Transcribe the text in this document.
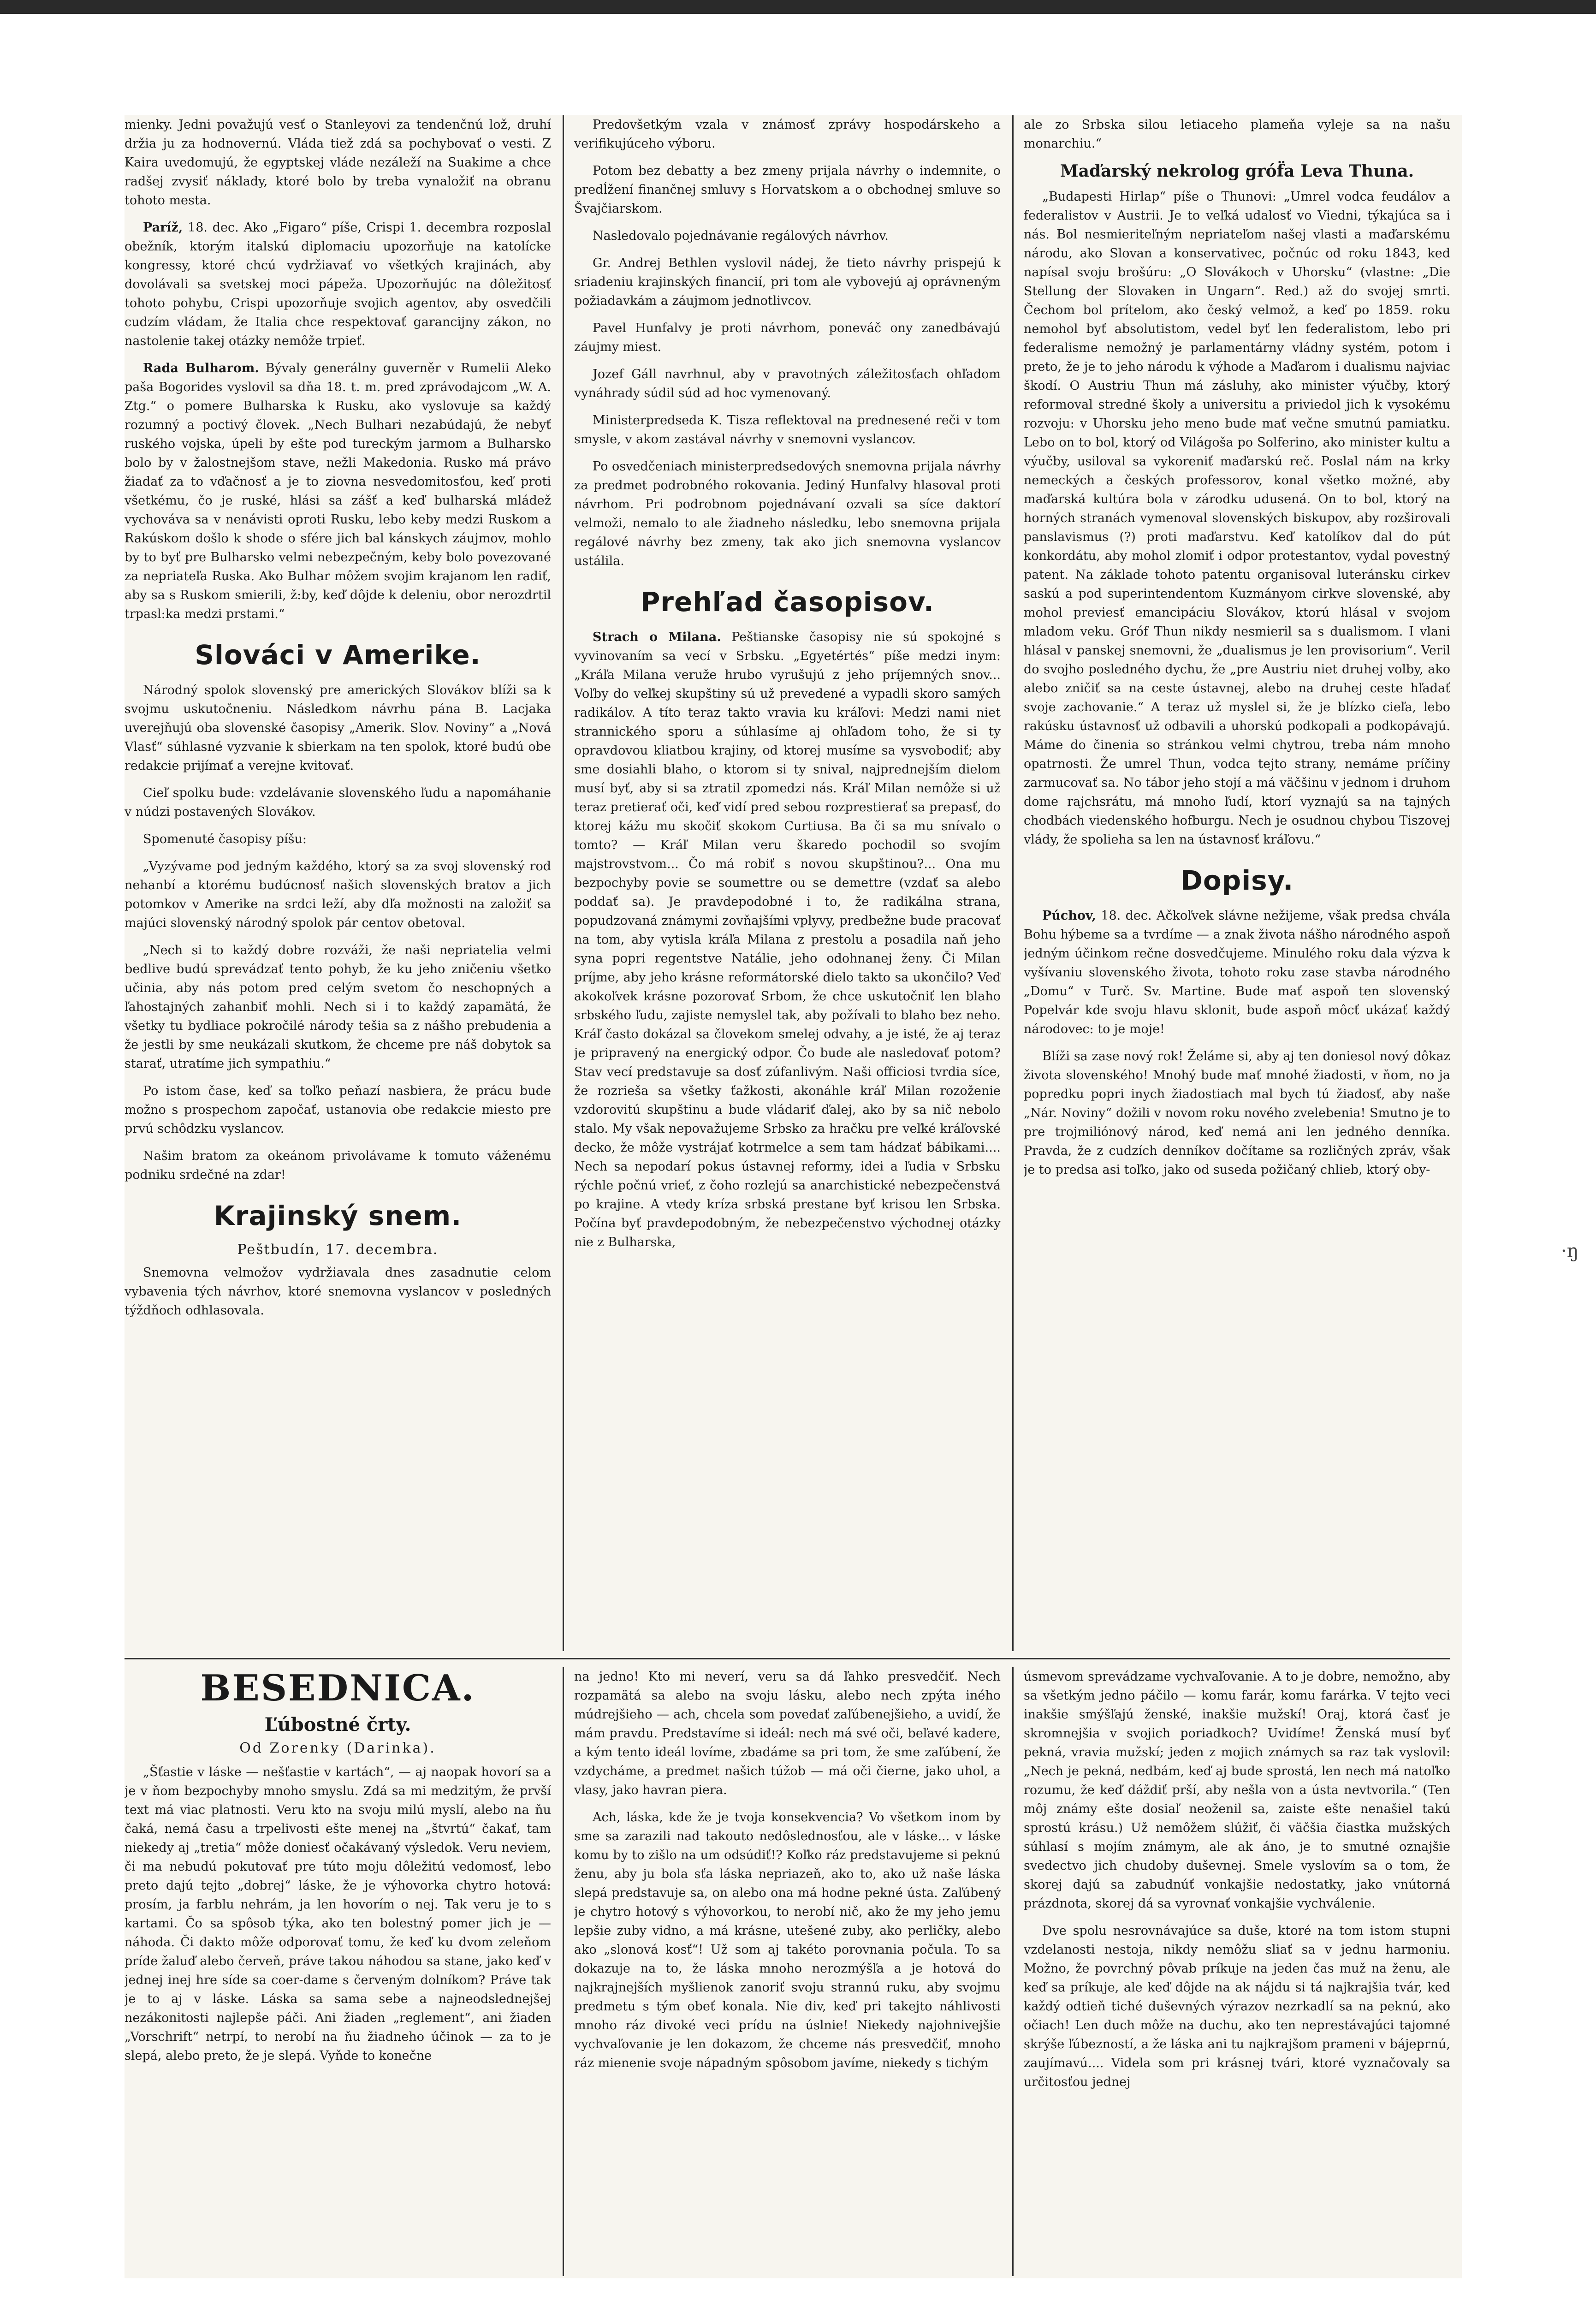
mienky. Jedni považujú vesť o Stanleyovi za tendenčnú lož, druhí držia ju za hodnovernú. Vláda tiež zdá sa pochybovať o vesti. Z Kaira uvedomujú, že egyptskej vláde nezáleží na Suakime a chce radšej zvysiť náklady, ktoré bolo by treba vynaložiť na obranu tohoto mesta.

Paríž, 18. dec. Ako „Figaro“ píše, Crispi 1. decembra rozposlal obežník, ktorým italskú diplomaciu upozorňuje na katolícke kongressy, ktoré chcú vydržiavať vo všetkých krajinách, aby dovolávali sa svetskej moci pápeža. Upozorňujúc na dôležitosť tohoto pohybu, Crispi upozorňuje svojich agentov, aby osvedčili cudzím vládam, že Italia chce respektovať garancijny zákon, no nastolenie takej otázky nemôže trpieť.

Rada Bulharom. Bývaly generálny guverněr v Rumelii Aleko paša Bogorides vyslovil sa dňa 18. t. m. pred zprávodajcom „W. A. Ztg.“ o pomere Bulharska k Rusku, ako vyslovuje sa každý rozumný a poctivý človek. „Nech Bulhari nezabúdajú, že nebyť ruského vojska, úpeli by ešte pod tureckým jarmom a Bulharsko bolo by v žalostnejšom stave, nežli Makedonia. Rusko má právo žiadať za to vďačnosť a je to ziovna nesvedomitosťou, keď proti všetkému, čo je ruské, hlási sa zášť a keď bulharská mládež vychováva sa v nenávisti oproti Rusku, lebo keby medzi Ruskom a Rakúskom došlo k shode o sfére jich bal kánskych záujmov, mohlo by to byť pre Bulharsko velmi nebezpečným, keby bolo povezované za nepriateľa Ruska. Ako Bulhar môžem svojim krajanom len radiť, aby sa s Ruskom smierili, ž:by, keď dôjde k deleniu, obor nerozdrtil trpasl:ka medzi prstami.“

Slováci v Amerike.

Národný spolok slovenský pre amerických Slovákov blíži sa k svojmu uskutočneniu. Následkom návrhu pána B. Lacjaka uverejňujú oba slovenské časopisy „Amerik. Slov. Noviny“ a „Nová Vlasť“ súhlasné vyzvanie k sbierkam na ten spolok, ktoré budú obe redakcie prijímať a verejne kvitovať.

Cieľ spolku bude: vzdelávanie slovenského ľudu a napomáhanie v núdzi postavených Slovákov.

Spomenuté časopisy píšu:

„Vyzývame pod jedným každého, ktorý sa za svoj slovenský rod nehanbí a ktorému budúcnosť našich slovenských bratov a jich potomkov v Amerike na srdci leží, aby dľa možnosti na založiť sa majúci slovenský národný spolok pár centov obetoval.

„Nech si to každý dobre rozváži, že naši nepriatelia velmi bedlive budú sprevádzať tento pohyb, že ku jeho zničeniu všetko učinia, aby nás potom pred celým svetom čo neschopných a ľahostajných zahanbiť mohli. Nech si i to každý zapamätá, že všetky tu bydliace pokročilé národy tešia sa z nášho prebudenia a že jestli by sme neukázali skutkom, že chceme pre náš dobytok sa starať, utratíme jich sympathiu.“

Po istom čase, keď sa toľko peňazí nasbiera, že prácu bude možno s prospechom započať, ustanovia obe redakcie miesto pre prvú schôdzku vyslancov.

Našim bratom za okeánom privolávame k tomuto váženému podniku srdečné na zdar!

Krajinský snem.
Peštbudín, 17. decembra.

Snemovna velmožov vydržiavala dnes zasadnutie celom vybavenia tých návrhov, ktoré snemovna vyslancov v posledných týždňoch odhlasovala.

Predovšetkým vzala v známosť zprávy hospodárskeho a verifikujúceho výboru.

Potom bez debatty a bez zmeny prijala návrhy o indemnite, o predĺžení finančnej smluvy s Horvatskom a o obchodnej smluve so Švajčiarskom.

Nasledovalo pojednávanie regálových návrhov.

Gr. Andrej Bethlen vyslovil nádej, že tieto návrhy prispejú k sriadeniu krajinských financií, pri tom ale vybovejú aj oprávneným požiadavkám a záujmom jednotlivcov.

Pavel Hunfalvy je proti návrhom, poneváč ony zanedbávajú záujmy miest.

Jozef Gáll navrhnul, aby v pravotných záležitosťach ohľadom vynáhrady súdil súd ad hoc vymenovaný.

Ministerpredseda K. Tisza reflektoval na prednesené reči v tom smysle, v akom zastával návrhy v snemovni vyslancov.

Po osvedčeniach ministerpredsedových snemovna prijala návrhy za predmet podrobného rokovania. Jediný Hunfalvy hlasoval proti návrhom. Pri podrobnom pojednávaní ozvali sa síce daktorí velmoži, nemalo to ale žiadneho následku, lebo snemovna prijala regálové návrhy bez zmeny, tak ako jich snemovna vyslancov ustálila.

Prehľad časopisov.

Strach o Milana. Peštianske časopisy nie sú spokojné s vyvinovaním sa vecí v Srbsku. „Egyetértés“ píše medzi inym: „Kráľa Milana veruže hrubo vyrušujú z jeho príjemných snov... Voľby do veľkej skupštiny sú už prevedené a vypadli skoro samých radikálov. A títo teraz takto vravia ku kráľovi: Medzi nami niet strannického sporu a súhlasíme aj ohľadom toho, že si ty opravdovou kliatbou krajiny, od ktorej musíme sa vysvobodiť; aby sme dosiahli blaho, o ktorom si ty snival, najprednejším dielom musí byť, aby si sa ztratil zpomedzi nás. Kráľ Milan nemôže si už teraz pretierať oči, keď vidí pred sebou rozprestierať sa prepasť, do ktorej kážu mu skočiť skokom Curtiusa. Ba či sa mu snívalo o tomto? — Kráľ Milan veru škaredo pochodil so svojím majstrovstvom... Čo má robiť s novou skupštinou?... Ona mu bezpochyby povie se soumettre ou se demettre (vzdať sa alebo poddať sa). Je pravdepodobné i to, že radikálna strana, popudzovaná známymi zovňajšími vplyvy, predbežne bude pracovať na tom, aby vytisla kráľa Milana z prestolu a posadila naň jeho syna popri regentstve Natálie, jeho odohnanej ženy. Či Milan príjme, aby jeho krásne reformátorské dielo takto sa ukončilo? Veď akokoľvek krásne pozorovať Srbom, že chce uskutočniť len blaho srbského ľudu, zajiste nemyslel tak, aby požívali to blaho bez neho. Kráľ často dokázal sa človekom smelej odvahy, a je isté, že aj teraz je pripravený na energický odpor. Čo bude ale nasledovať potom? Stav vecí predstavuje sa dosť zúfanlivým. Naši officiosi tvrdia síce, že rozrieša sa všetky ťažkosti, akonáhle kráľ Milan rozoženie vzdorovitú skupštinu a bude vládariť ďalej, ako by sa nič nebolo stalo. My však nepovažujeme Srbsko za hračku pre veľké kráľovské decko, že môže vystrájať kotrmelce a sem tam hádzať bábikami.... Nech sa nepodarí pokus ústavnej reformy, idei a ľudia v Srbsku rýchle počnú vrieť, z čoho rozlejú sa anarchistické nebezpečenstvá po krajine. A vtedy kríza srbská prestane byť krisou len Srbska. Počína byť pravdepodobným, že nebezpečenstvo východnej otázky nie z Bulharska,

ale zo Srbska silou letiaceho plameňa vyleje sa na našu monarchiu.“

Maďarský nekrolog gróf̈a Leva Thuna.

„Budapesti Hirlap“ píše o Thunovi: „Umrel vodca feudálov a federalistov v Austrii. Je to veľká udalosť vo Viedni, týkajúca sa i nás. Bol nesmieriteľným nepriateľom našej vlasti a maďarskému národu, ako Slovan a konservativec, počnúc od roku 1843, keď napísal svoju brošúru: „O Slovákoch v Uhorsku“ (vlastne: „Die Stellung der Slovaken in Ungarn“. Red.) až do svojej smrti. Čechom bol prítelom, ako český velmož, a keď po 1859. roku nemohol byť absolutistom, vedel byť len federalistom, lebo pri federalisme nemožný je parlamentárny vládny systém, potom i preto, že je to jeho národu k výhode a Maďarom i dualismu najviac škodí. O Austriu Thun má zásluhy, ako minister výučby, ktorý reformoval stredné školy a universitu a priviedol jich k vysokému rozvoju: v Uhorsku jeho meno bude mať večne smutnú pamiatku. Lebo on to bol, ktorý od Világoša po Solferino, ako minister kultu a výučby, usiloval sa vykoreniť maďarskú reč. Poslal nám na krky nemeckých a českých professorov, konal všetko možné, aby maďarská kultúra bola v zárodku udusená. On to bol, ktorý na horných stranách vymenoval slovenských biskupov, aby rozširovali panslavismus (?) proti maďarstvu. Keď katolíkov dal do pút konkordátu, aby mohol zlomiť i odpor protestantov, vydal povestný patent. Na základe tohoto patentu organisoval luteránsku cirkev saskú a pod superintendentom Kuzmányom cirkve slovenské, aby mohol previesť emancipáciu Slovákov, ktorú hlásal v svojom mladom veku. Gróf Thun nikdy nesmieril sa s dualismom. I vlani hlásal v panskej snemovni, že „dualismus je len provisorium“. Veril do svojho posledného dychu, že „pre Austriu niet druhej volby, ako alebo zničiť sa na ceste ústavnej, alebo na druhej ceste hľadať svoje zachovanie.“ A teraz už myslel si, že je blízko cieľa, lebo rakúsku ústavnosť už odbavili a uhorskú podkopali a podkopávajú. Máme do činenia so stránkou velmi chytrou, treba nám mnoho opatrnosti. Že umrel Thun, vodca tejto strany, nemáme príčiny zarmucovať sa. No tábor jeho stojí a má väčšinu v jednom i druhom dome rajchsrátu, má mnoho ľudí, ktorí vyznajú sa na tajných chodbách viedenského hofburgu. Nech je osudnou chybou Tiszovej vlády, že spolieha sa len na ústavnosť kráľovu.“

Dopisy.

Púchov, 18. dec. Ačkoľvek slávne nežijeme, však predsa chvála Bohu hýbeme sa a tvrdíme — a znak života nášho národného aspoň jedným účinkom rečne dosvedčujeme. Minulého roku dala výzva k vyšívaniu slovenského života, tohoto roku zase stavba národného „Domu“ v Turč. Sv. Martine. Bude mať aspoň ten slovenský Popelvár kde svoju hlavu sklonit, bude aspoň môcť ukázať každý národovec: to je moje!

Blíži sa zase nový rok! Želáme si, aby aj ten doniesol nový dôkaz života slovenského! Mnohý bude mať mnohé žiadosti, v ňom, no ja popredku popri inych žiadostiach mal bych tú žiadosť, aby naše „Nár. Noviny“ dožili v novom roku nového zvelebenia! Smutno je to pre trojmiliónový národ, keď nemá ani len jedného denníka. Pravda, že z cudzích denníkov dočítame sa rozličných zpráv, však je to predsa asi toľko, jako od suseda požičaný chlieb, ktorý oby-

BESEDNICA.
Ľúbostné črty.
Od Zorenky (Darinka).

„Šťastie v láske — nešťastie v kartách“, — aj naopak hovorí sa a je v ňom bezpochyby mnoho smyslu. Zdá sa mi medzitým, že prvší text má viac platnosti. Veru kto na svoju milú myslí, alebo na ňu čaká, nemá času a trpelivosti ešte menej na „štvrtú“ čakať, tam niekedy aj „tretia“ môže doniesť očakávaný výsledok. Veru neviem, či ma nebudú pokutovať pre túto moju dôležitú vedomosť, lebo preto dajú tejto „dobrej“ láske, že je výhovorka chytro hotová: prosím, ja farblu nehrám, ja len hovorím o nej. Tak veru je to s kartami. Čo sa spôsob týka, ako ten bolestný pomer jich je — náhoda. Či dakto môže odporovať tomu, že keď ku dvom zeleňom príde žaluď alebo červeň, práve takou náhodou sa stane, jako keď v jednej inej hre síde sa coer-dame s červeným dolníkom? Práve tak je to aj v láske. Láska sa sama sebe a najneodslednejšej nezákonitosti najlepše páči. Ani žiaden „reglement“, ani žiaden „Vorschrift“ netrpí, to nerobí na ňu žiadneho účinok — za to je slepá, alebo preto, že je slepá. Vyňde to konečne

na jedno! Kto mi neverí, veru sa dá ľahko presvedčiť. Nech rozpamätá sa alebo na svoju lásku, alebo nech zpýta iného múdrejšieho — ach, chcela som povedať zaľúbenejšieho, a uvidí, že mám pravdu. Predstavíme si ideál: nech má své oči, beľavé kadere, a kým tento ideál lovíme, zbadáme sa pri tom, že sme zaľúbení, že vzdycháme, a predmet našich túžob — má oči čierne, jako uhol, a vlasy, jako havran piera.

Ach, láska, kde že je tvoja konsekvencia? Vo všetkom inom by sme sa zarazili nad takouto nedôslednosťou, ale v láske... v láske komu by to zišlo na um odsúdiť!? Koľko ráz predstavujeme si peknú ženu, aby ju bola sťa láska nepriazeň, ako to, ako už naše láska slepá predstavuje sa, on alebo ona má hodne pekné ústa. Zaľúbený je chytro hotový s výhovorkou, to nerobí nič, ako že my jeho jemu lepšie zuby vidno, a má krásne, utešené zuby, ako perličky, alebo ako „slonová kosť“! Už som aj takéto porovnania počula. To sa dokazuje na to, že láska mnoho nerozmýšľa a je hotová do najkrajnejších myšlienok zanoriť svoju strannú ruku, aby svojmu predmetu s tým obeť konala. Nie div, keď pri takejto náhlivosti mnoho ráz divoké veci prídu na úslnie! Niekedy najohnivejšie vychvaľovanie je len dokazom, že chceme nás presvedčiť, mnoho ráz mienenie svoje nápadným spôsobom javíme, niekedy s tichým

úsmevom sprevádzame vychvaľovanie. A to je dobre, nemožno, aby sa všetkým jedno páčilo — komu farár, komu farárka. V tejto veci inakšie smýšľajú ženské, inakšie mužskí! Oraj, ktorá časť je skromnejšia v svojich poriadkoch? Uvidíme! Ženská musí byť pekná, vravia mužskí; jeden z mojich známych sa raz tak vyslovil: „Nech je pekná, nedbám, keď aj bude sprostá, len nech má natoľko rozumu, že keď dáždiť prší, aby nešla von a ústa nevtvorila.“ (Ten môj známy ešte dosiaľ neoženil sa, zaiste ešte nenašiel takú sprostú krásu.) Už nemôžem slúžiť, či väčšia čiastka mužských súhlasí s mojím známym, ale ak áno, je to smutné oznajšie svedectvo jich chudoby duševnej. Smele vyslovím sa o tom, že skorej dajú sa zabudnúť vonkajšie nedostatky, jako vnútorná prázdnota, skorej dá sa vyrovnať vonkajšie vychválenie.

Dve spolu nesrovnávajúce sa duše, ktoré na tom istom stupni vzdelanosti nestoja, nikdy nemôžu sliať sa v jednu harmoniu. Možno, že povrchný pôvab príkuje na jeden čas muž na ženu, ale keď sa príkuje, ale keď dôjde na ak nájdu si tá najkrajšia tvár, keď každý odtieň tiché duševných výrazov nezrkadlí sa na peknú, ako očiach! Len duch môže na duchu, ako ten neprestávajúci tajomné skrýše ľúbezností, a že láska ani tu najkrajšom prameni v bájeprnú, zaujímavú.... Videla som pri krásnej tvári, ktoré vyznačovaly sa určitosťou jednej

·ŋ
